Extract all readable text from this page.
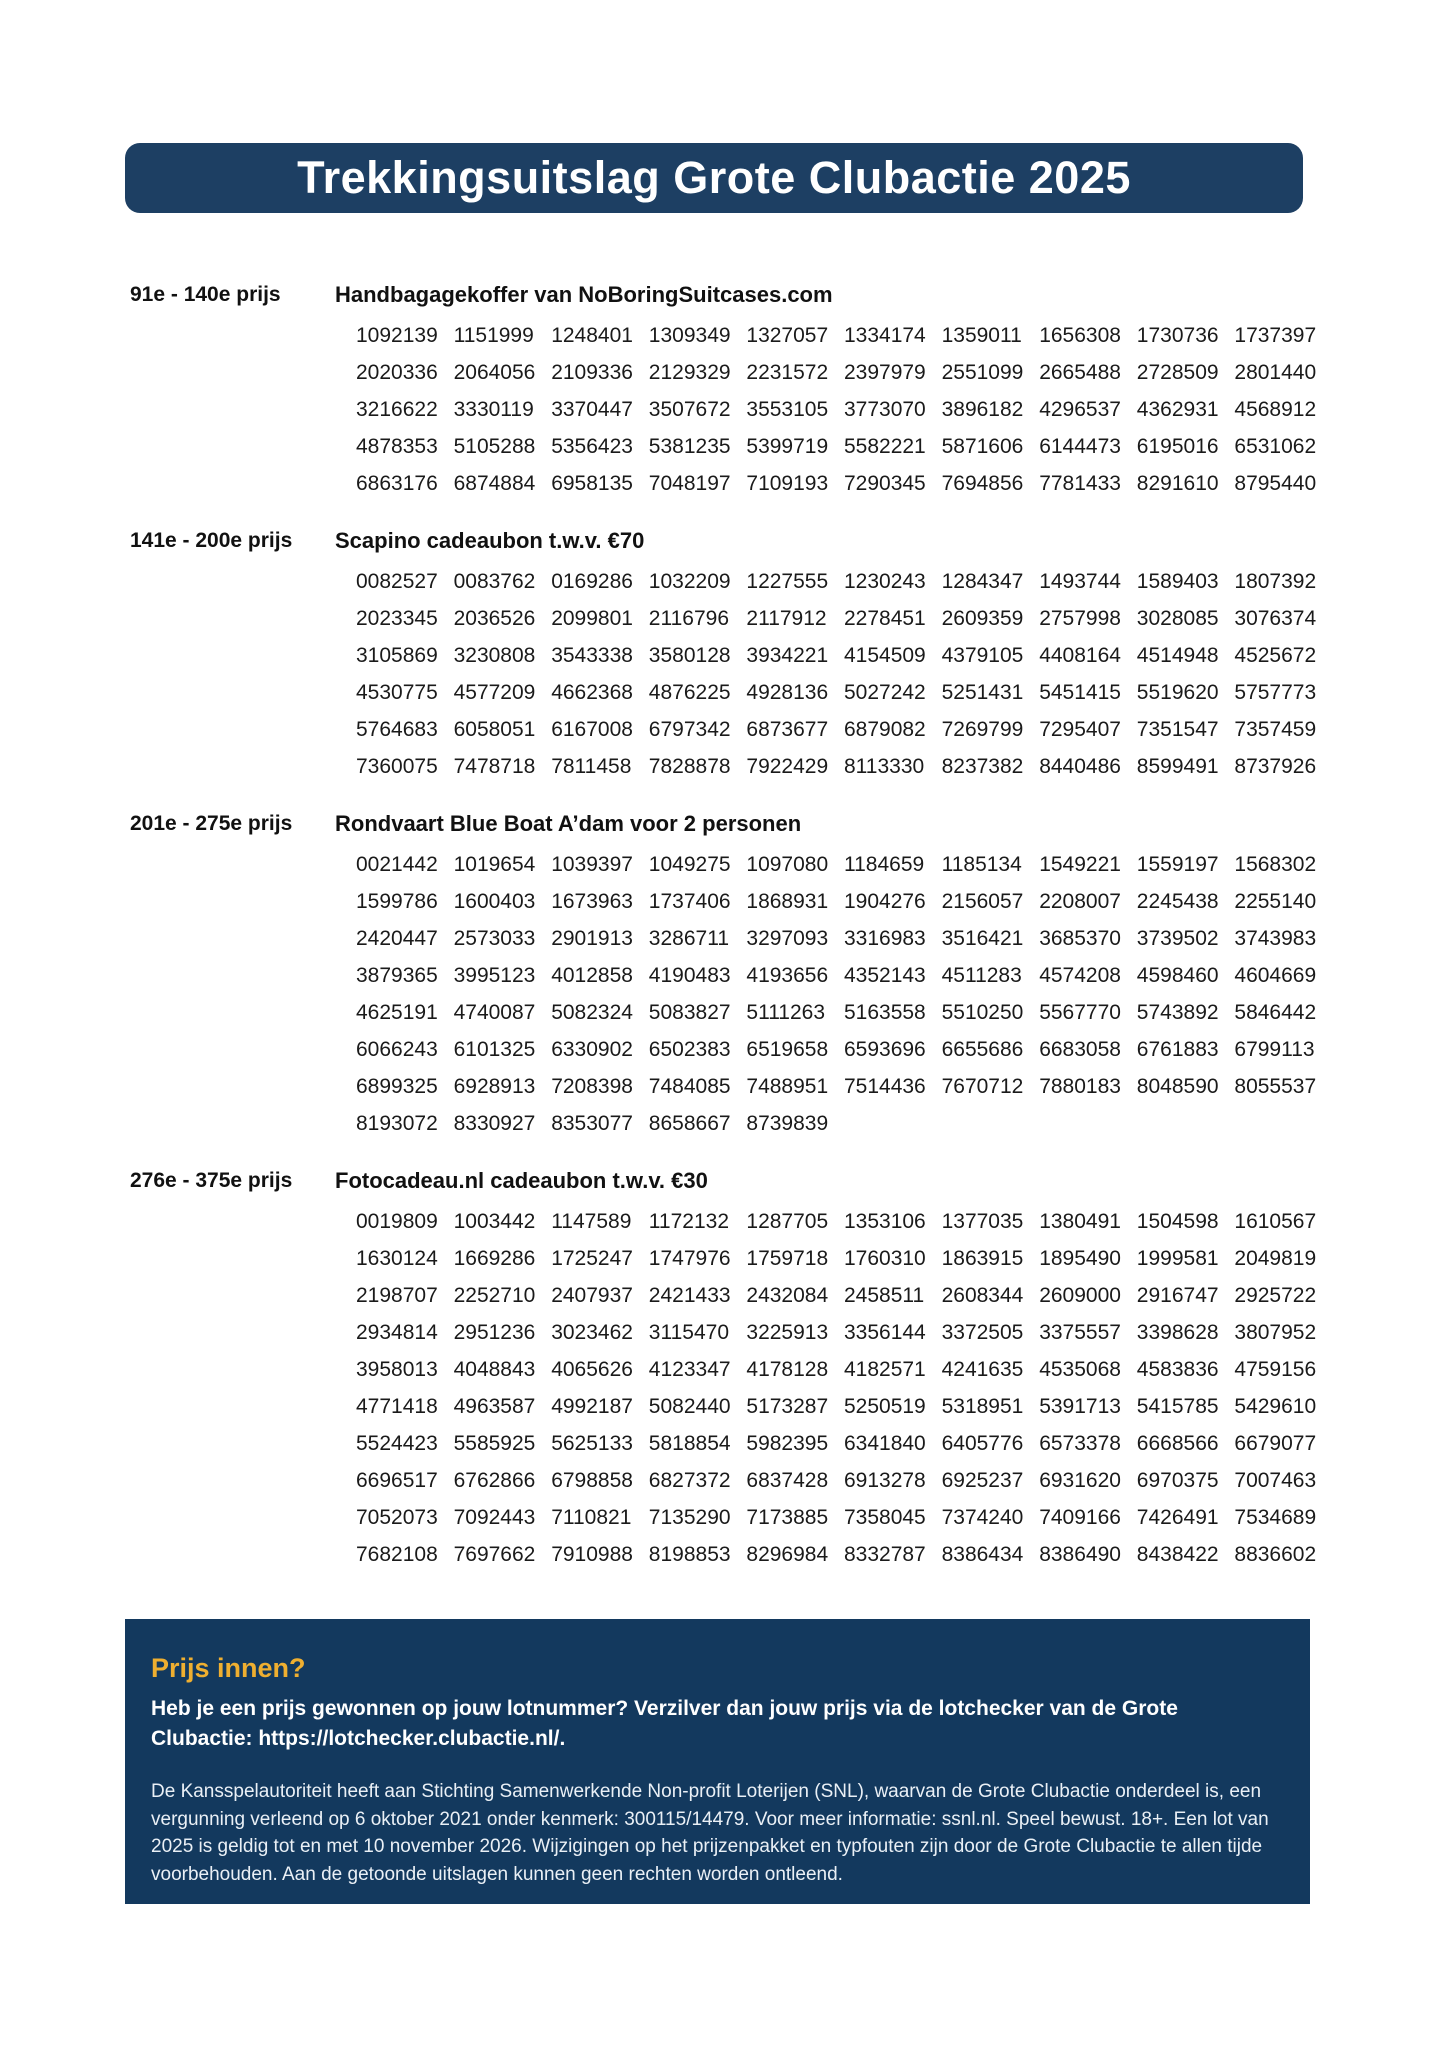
Trekkingsuitslag Grote Clubactie 2025
91e - 140e prijs	Handbagagekoffer van NoBoringSuitcases.com
1092139 1151999 1248401 1309349 1327057 1334174 1359011 1656308 1730736 1737397
2020336 2064056 2109336 2129329 2231572 2397979 2551099 2665488 2728509 2801440
3216622 3330119 3370447 3507672 3553105 3773070 3896182 4296537 4362931 4568912
4878353 5105288 5356423 5381235 5399719 5582221 5871606 6144473 6195016 6531062
6863176 6874884 6958135 7048197 7109193 7290345 7694856 7781433 8291610 8795440
141e - 200e prijs	Scapino cadeaubon t.w.v. €70
0082527 0083762 0169286 1032209 1227555 1230243 1284347 1493744 1589403 1807392
2023345 2036526 2099801 2116796 2117912 2278451 2609359 2757998 3028085 3076374
3105869 3230808 3543338 3580128 3934221 4154509 4379105 4408164 4514948 4525672
4530775 4577209 4662368 4876225 4928136 5027242 5251431 5451415 5519620 5757773
5764683 6058051 6167008 6797342 6873677 6879082 7269799 7295407 7351547 7357459
7360075 7478718 7811458 7828878 7922429 8113330 8237382 8440486 8599491 8737926
201e - 275e prijs	Rondvaart Blue Boat A’dam voor 2 personen
0021442 1019654 1039397 1049275 1097080 1184659 1185134 1549221 1559197 1568302
1599786 1600403 1673963 1737406 1868931 1904276 2156057 2208007 2245438 2255140
2420447 2573033 2901913 3286711 3297093 3316983 3516421 3685370 3739502 3743983
3879365 3995123 4012858 4190483 4193656 4352143 4511283 4574208 4598460 4604669
4625191 4740087 5082324 5083827 5111263 5163558 5510250 5567770 5743892 5846442
6066243 6101325 6330902 6502383 6519658 6593696 6655686 6683058 6761883 6799113
6899325 6928913 7208398 7484085 7488951 7514436 7670712 7880183 8048590 8055537
8193072 8330927 8353077 8658667 8739839
276e - 375e prijs	Fotocadeau.nl cadeaubon t.w.v. €30
0019809 1003442 1147589 1172132 1287705 1353106 1377035 1380491 1504598 1610567
1630124 1669286 1725247 1747976 1759718 1760310 1863915 1895490 1999581 2049819
2198707 2252710 2407937 2421433 2432084 2458511 2608344 2609000 2916747 2925722
2934814 2951236 3023462 3115470 3225913 3356144 3372505 3375557 3398628 3807952
3958013 4048843 4065626 4123347 4178128 4182571 4241635 4535068 4583836 4759156
4771418 4963587 4992187 5082440 5173287 5250519 5318951 5391713 5415785 5429610
5524423 5585925 5625133 5818854 5982395 6341840 6405776 6573378 6668566 6679077
6696517 6762866 6798858 6827372 6837428 6913278 6925237 6931620 6970375 7007463
7052073 7092443 7110821 7135290 7173885 7358045 7374240 7409166 7426491 7534689
7682108 7697662 7910988 8198853 8296984 8332787 8386434 8386490 8438422 8836602
Prijs innen?

Heb je een prijs gewonnen op jouw lotnummer? Verzilver dan jouw prijs via de lotchecker van de Grote Clubactie: https://lotchecker.clubactie.nl/.

De Kansspelautoriteit heeft aan Stichting Samenwerkende Non-profit Loterijen (SNL), waarvan de Grote Clubactie onderdeel is, een vergunning verleend op 6 oktober 2021 onder kenmerk: 300115/14479. Voor meer informatie: ssnl.nl. Speel bewust. 18+. Een lot van 2025 is geldig tot en met 10 november 2026. Wijzigingen op het prijzenpakket en typfouten zijn door de Grote Clubactie te allen tijde voorbehouden. Aan de getoonde uitslagen kunnen geen rechten worden ontleend.
